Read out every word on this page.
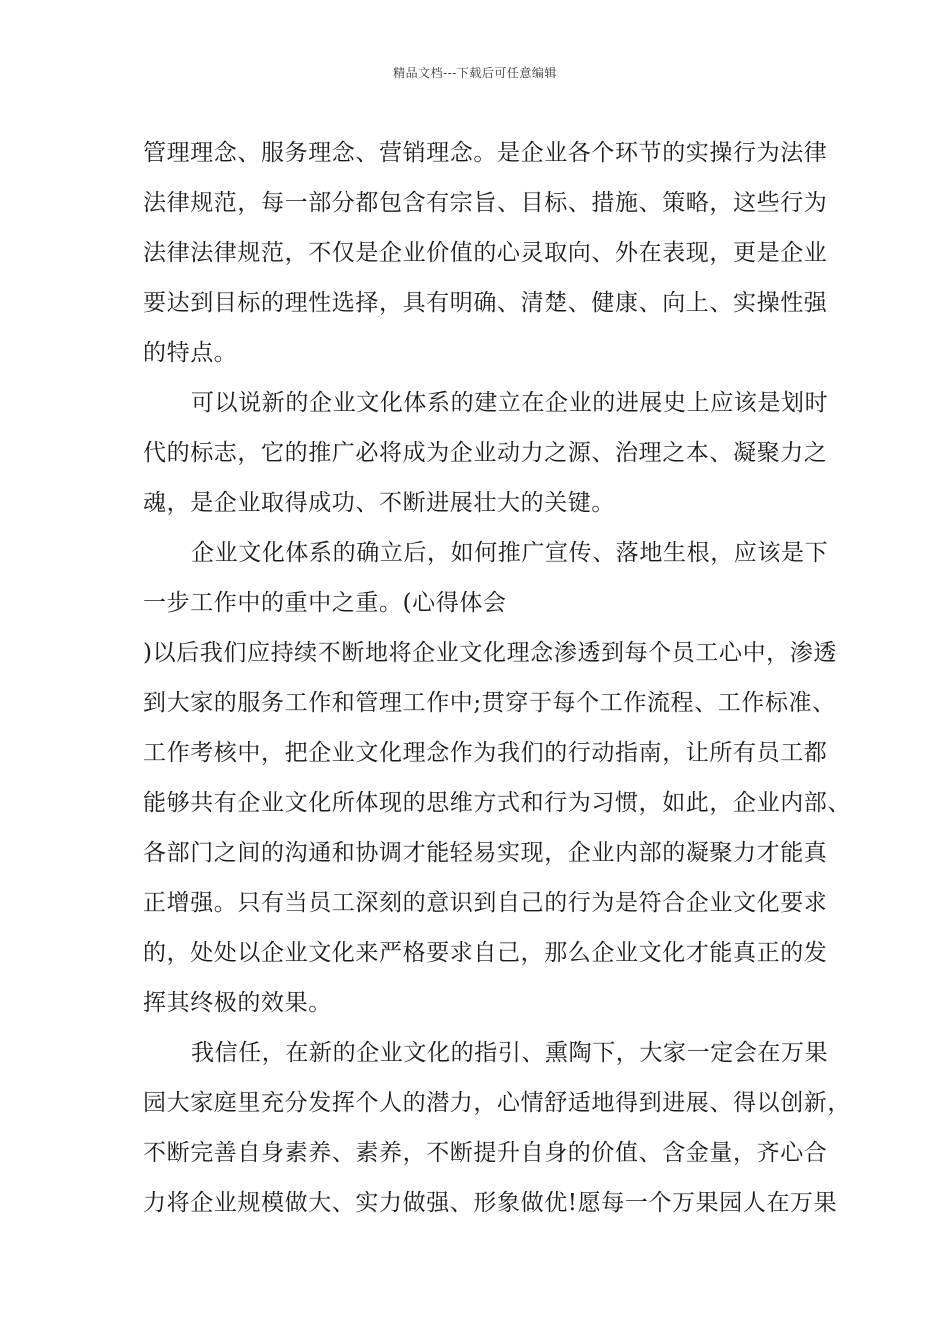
精品文档---下载后可任意编辑
管理理念、服务理念、营销理念。是企业各个环节的实操行为法律
法律规范，每一部分都包含有宗旨、目标、措施、策略，这些行为
法律法律规范，不仅是企业价值的心灵取向、外在表现，更是企业
要达到目标的理性选择，具有明确、清楚、健康、向上、实操性强
的特点。
可以说新的企业文化体系的建立在企业的进展史上应该是划时
代的标志，它的推广必将成为企业动力之源、治理之本、凝聚力之
魂，是企业取得成功、不断进展壮大的关键。
企业文化体系的确立后，如何推广宣传、落地生根，应该是下
一步工作中的重中之重。(心得体会
)以后我们应持续不断地将企业文化理念渗透到每个员工心中，渗透
到大家的服务工作和管理工作中;贯穿于每个工作流程、工作标准、
工作考核中，把企业文化理念作为我们的行动指南，让所有员工都
能够共有企业文化所体现的思维方式和行为习惯，如此，企业内部、
各部门之间的沟通和协调才能轻易实现，企业内部的凝聚力才能真
正增强。只有当员工深刻的意识到自己的行为是符合企业文化要求
的，处处以企业文化来严格要求自己，那么企业文化才能真正的发
挥其终极的效果。
我信任，在新的企业文化的指引、熏陶下，大家一定会在万果
园大家庭里充分发挥个人的潜力，心情舒适地得到进展、得以创新，
不断完善自身素养、素养，不断提升自身的价值、含金量，齐心合
力将企业规模做大、实力做强、形象做优!愿每一个万果园人在万果
